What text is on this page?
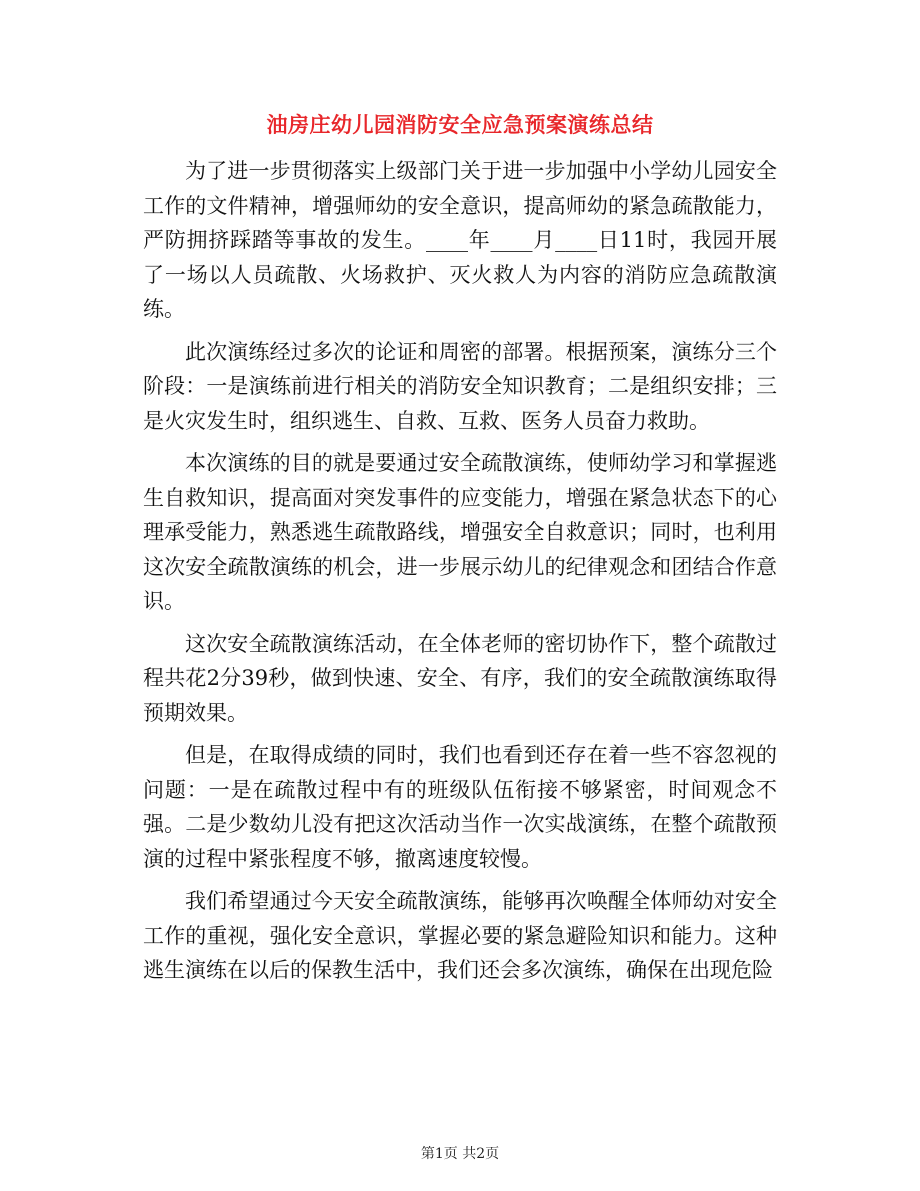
油房庄幼儿园消防安全应急预案演练总结

为了进一步贯彻落实上级部门关于进一步加强中小学幼儿园安全工作的文件精神，增强师幼的安全意识，提高师幼的紧急疏散能力，严防拥挤踩踏等事故的发生。____年____月____日11时，我园开展了一场以人员疏散、火场救护、灭火救人为内容的消防应急疏散演练。

此次演练经过多次的论证和周密的部署。根据预案，演练分三个阶段：一是演练前进行相关的消防安全知识教育；二是组织安排；三是火灾发生时，组织逃生、自救、互救、医务人员奋力救助。

本次演练的目的就是要通过安全疏散演练，使师幼学习和掌握逃生自救知识，提高面对突发事件的应变能力，增强在紧急状态下的心理承受能力，熟悉逃生疏散路线，增强安全自救意识；同时，也利用这次安全疏散演练的机会，进一步展示幼儿的纪律观念和团结合作意识。

这次安全疏散演练活动，在全体老师的密切协作下，整个疏散过程共花2分39秒，做到快速、安全、有序，我们的安全疏散演练取得预期效果。

但是，在取得成绩的同时，我们也看到还存在着一些不容忽视的问题：一是在疏散过程中有的班级队伍衔接不够紧密，时间观念不强。二是少数幼儿没有把这次活动当作一次实战演练，在整个疏散预演的过程中紧张程度不够，撤离速度较慢。

我们希望通过今天安全疏散演练，能够再次唤醒全体师幼对安全工作的重视，强化安全意识，掌握必要的紧急避险知识和能力。这种逃生演练在以后的保教生活中，我们还会多次演练，确保在出现危险

第1页 共2页
